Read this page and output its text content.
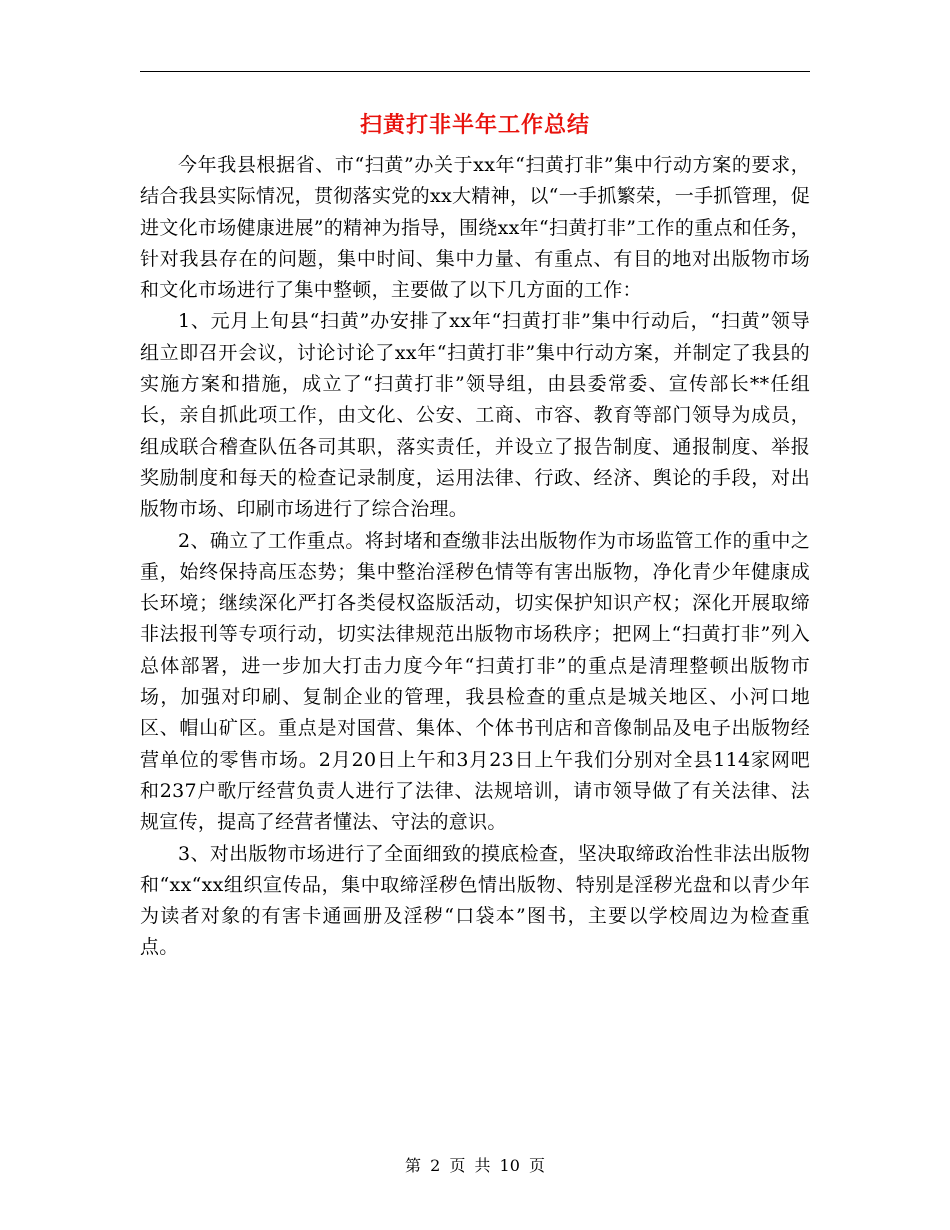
扫黄打非半年工作总结

今年我县根据省、市“扫黄”办关于xx年“扫黄打非”集中行动方案的要求，结合我县实际情况，贯彻落实党的xx大精神，以“一手抓繁荣，一手抓管理，促进文化市场健康进展”的精神为指导，围绕xx年“扫黄打非”工作的重点和任务，针对我县存在的问题，集中时间、集中力量、有重点、有目的地对出版物市场和文化市场进行了集中整顿，主要做了以下几方面的工作：

1、元月上旬县“扫黄”办安排了xx年“扫黄打非”集中行动后，“扫黄”领导组立即召开会议，讨论讨论了xx年“扫黄打非”集中行动方案，并制定了我县的实施方案和措施，成立了“扫黄打非”领导组，由县委常委、宣传部长**任组长，亲自抓此项工作，由文化、公安、工商、市容、教育等部门领导为成员，组成联合稽查队伍各司其职，落实责任，并设立了报告制度、通报制度、举报奖励制度和每天的检查记录制度，运用法律、行政、经济、舆论的手段，对出版物市场、印刷市场进行了综合治理。

2、确立了工作重点。将封堵和查缴非法出版物作为市场监管工作的重中之重，始终保持高压态势；集中整治淫秽色情等有害出版物，净化青少年健康成长环境；继续深化严打各类侵权盗版活动，切实保护知识产权；深化开展取缔非法报刊等专项行动，切实法律规范出版物市场秩序；把网上“扫黄打非”列入总体部署，进一步加大打击力度今年“扫黄打非”的重点是清理整顿出版物市场，加强对印刷、复制企业的管理，我县检查的重点是城关地区、小河口地区、帽山矿区。重点是对国营、集体、个体书刊店和音像制品及电子出版物经营单位的零售市场。2月20日上午和3月23日上午我们分别对全县114家网吧和237户歌厅经营负责人进行了法律、法规培训，请市领导做了有关法律、法规宣传，提高了经营者懂法、守法的意识。

3、对出版物市场进行了全面细致的摸底检查，坚决取缔政治性非法出版物和“xx“xx组织宣传品，集中取缔淫秽色情出版物、特别是淫秽光盘和以青少年为读者对象的有害卡通画册及淫秽“口袋本”图书，主要以学校周边为检查重点。

第 2 页 共 10 页
